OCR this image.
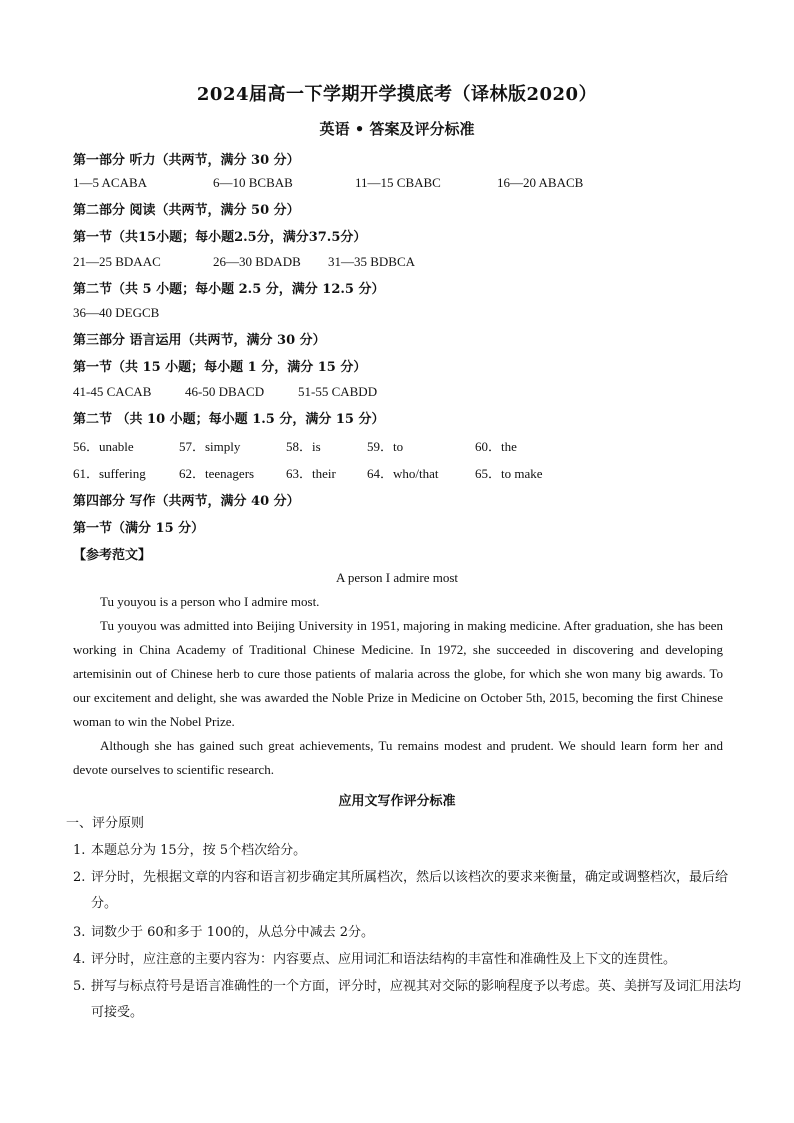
2024届高一下学期开学摸底考（译林版2020）
英语 • 答案及评分标准
第一部分 听力（共两节，满分 30 分）
1—5 ACABA	6—10 BCBAB	11—15 CBABC	16—20 ABACB
第二部分 阅读（共两节，满分 50 分）
第一节（共15小题；每小题2.5分，满分37.5分）
21—25 BDAAC	26—30 BDADB 31—35 BDBCA
第二节（共 5 小题；每小题 2.5 分，满分 12.5 分）
36—40 DEGCB
第三部分 语言运用（共两节，满分 30 分）
第一节（共 15 小题；每小题 1 分，满分 15 分）
41-45 CACAB	46-50 DBACD	51-55 CABDD
第二节 （共 10 小题；每小题 1.5 分，满分 15 分）
56．unable	57．simply	58．is	59．to	60．the
61．suffering	62．teenagers 63．their 64．who/that	65．to make
第四部分 写作（共两节，满分 40 分）
第一节（满分 15 分）
【参考范文】
A person I admire most
Tu youyou is a person who I admire most.
Tu youyou was admitted into Beijing University in 1951, majoring in making medicine. After graduation, she has been working in China Academy of Traditional Chinese Medicine. In 1972, she succeeded in discovering and developing artemisinin out of Chinese herb to cure those patients of malaria across the globe, for which she won many big awards. To our excitement and delight, she was awarded the Noble Prize in Medicine on October 5th, 2015, becoming the first Chinese woman to win the Nobel Prize.
Although she has gained such great achievements, Tu remains modest and prudent. We should learn form her and devote ourselves to scientific research.
应用文写作评分标准
一、评分原则
1. 本题总分为 15分，按 5个档次给分。
2. 评分时，先根据文章的内容和语言初步确定其所属档次，然后以该档次的要求来衡量，确定或调整档次，最后给分。
3. 词数少于 60和多于 100的，从总分中减去 2分。
4. 评分时，应注意的主要内容为：内容要点、应用词汇和语法结构的丰富性和准确性及上下文的连贯性。
5. 拼写与标点符号是语言准确性的一个方面，评分时，应视其对交际的影响程度予以考虑。英、美拼写及词汇用法均可接受。
